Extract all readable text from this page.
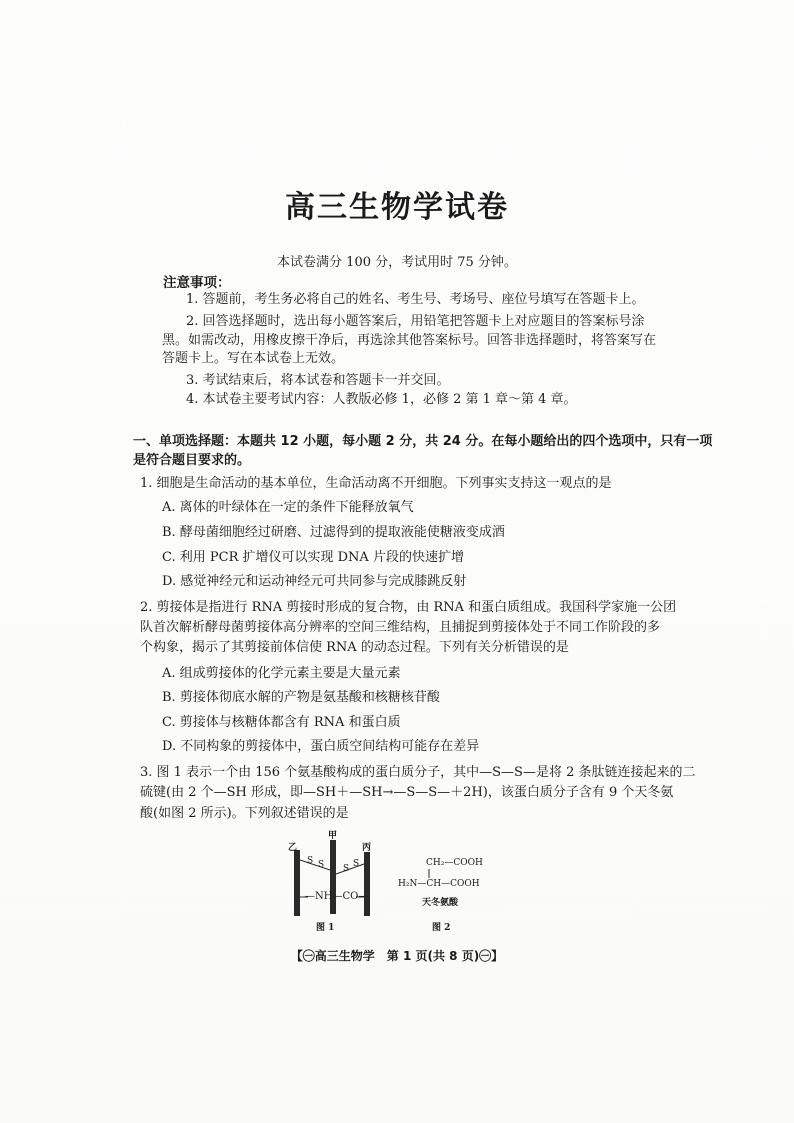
高三生物学试卷
本试卷满分 100 分，考试用时 75 分钟。
注意事项：
1. 答题前，考生务必将自己的姓名、考生号、考场号、座位号填写在答题卡上。
2. 回答选择题时，选出每小题答案后，用铅笔把答题卡上对应题目的答案标号涂
黑。如需改动，用橡皮擦干净后，再选涂其他答案标号。回答非选择题时，将答案写在
答题卡上。写在本试卷上无效。
3. 考试结束后，将本试卷和答题卡一并交回。
4. 本试卷主要考试内容：人教版必修 1，必修 2 第 1 章～第 4 章。
一、单项选择题：本题共 12 小题，每小题 2 分，共 24 分。在每小题给出的四个选项中，只有一项
是符合题目要求的。
1. 细胞是生命活动的基本单位，生命活动离不开细胞。下列事实支持这一观点的是
A. 离体的叶绿体在一定的条件下能释放氧气
B. 酵母菌细胞经过研磨、过滤得到的提取液能使糖液变成酒
C. 利用 PCR 扩增仪可以实现 DNA 片段的快速扩增
D. 感觉神经元和运动神经元可共同参与完成膝跳反射
2. 剪接体是指进行 RNA 剪接时形成的复合物，由 RNA 和蛋白质组成。我国科学家施一公团
队首次解析酵母菌剪接体高分辨率的空间三维结构，且捕捉到剪接体处于不同工作阶段的多
个构象，揭示了其剪接前体信使 RNA 的动态过程。下列有关分析错误的是
A. 组成剪接体的化学元素主要是大量元素
B. 剪接体彻底水解的产物是氨基酸和核糖核苷酸
C. 剪接体与核糖体都含有 RNA 和蛋白质
D. 不同构象的剪接体中，蛋白质空间结构可能存在差异
3. 图 1 表示一个由 156 个氨基酸构成的蛋白质分子，其中—S—S—是将 2 条肽链连接起来的二
硫键(由 2 个—SH 形成，即—SH＋—SH→—S—S—＋2H)，该蛋白质分子含有 9 个天冬氨
酸(如图 2 所示)。下列叙述错误的是
乙
甲
丙
S S S S
—NH—CO—
图 1
CH₂—COOH
H₂N—CH—COOH
天冬氨酸
图 2
【㊀高三生物学　第 1 页(共 8 页)㊀】
